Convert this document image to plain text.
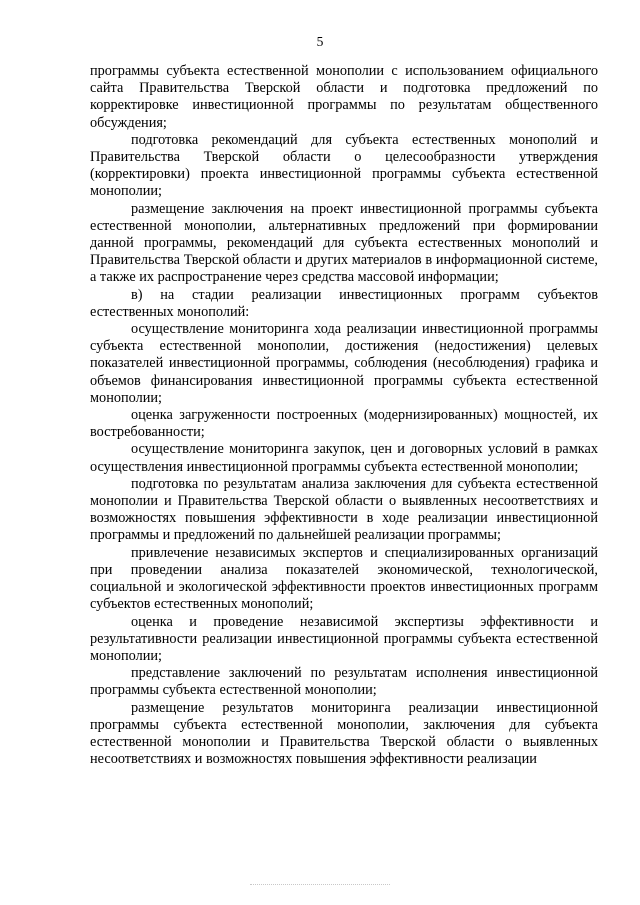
5

программы субъекта естественной монополии с использованием официального сайта Правительства Тверской области и подготовка предложений по корректировке инвестиционной программы по результатам общественного обсуждения;

подготовка рекомендаций для субъекта естественных монополий и Правительства Тверской области о целесообразности утверждения (корректировки) проекта инвестиционной программы субъекта естественной монополии;

размещение заключения на проект инвестиционной программы субъекта естественной монополии, альтернативных предложений при формировании данной программы, рекомендаций для субъекта естественных монополий и Правительства Тверской области и других материалов в информационной системе, а также их распространение через средства массовой информации;

в) на стадии реализации инвестиционных программ субъектов естественных монополий:

осуществление мониторинга хода реализации инвестиционной программы субъекта естественной монополии, достижения (недостижения) целевых показателей инвестиционной программы, соблюдения (несоблюдения) графика и объемов финансирования инвестиционной программы субъекта естественной монополии;

оценка загруженности построенных (модернизированных) мощностей, их востребованности;

осуществление мониторинга закупок, цен и договорных условий в рамках осуществления инвестиционной программы субъекта естественной монополии;

подготовка по результатам анализа заключения для субъекта естественной монополии и Правительства Тверской области о выявленных несоответствиях и возможностях повышения эффективности в ходе реализации инвестиционной программы и предложений по дальнейшей реализации программы;

привлечение независимых экспертов и специализированных организаций при проведении анализа показателей экономической, технологической, социальной и экологической эффективности проектов инвестиционных программ субъектов естественных монополий;

оценка и проведение независимой экспертизы эффективности и результативности реализации инвестиционной программы субъекта естественной монополии;

представление заключений по результатам исполнения инвестиционной программы субъекта естественной монополии;

размещение результатов мониторинга реализации инвестиционной программы субъекта естественной монополии, заключения для субъекта естественной монополии и Правительства Тверской области о выявленных несоответствиях и возможностях повышения эффективности реализации
